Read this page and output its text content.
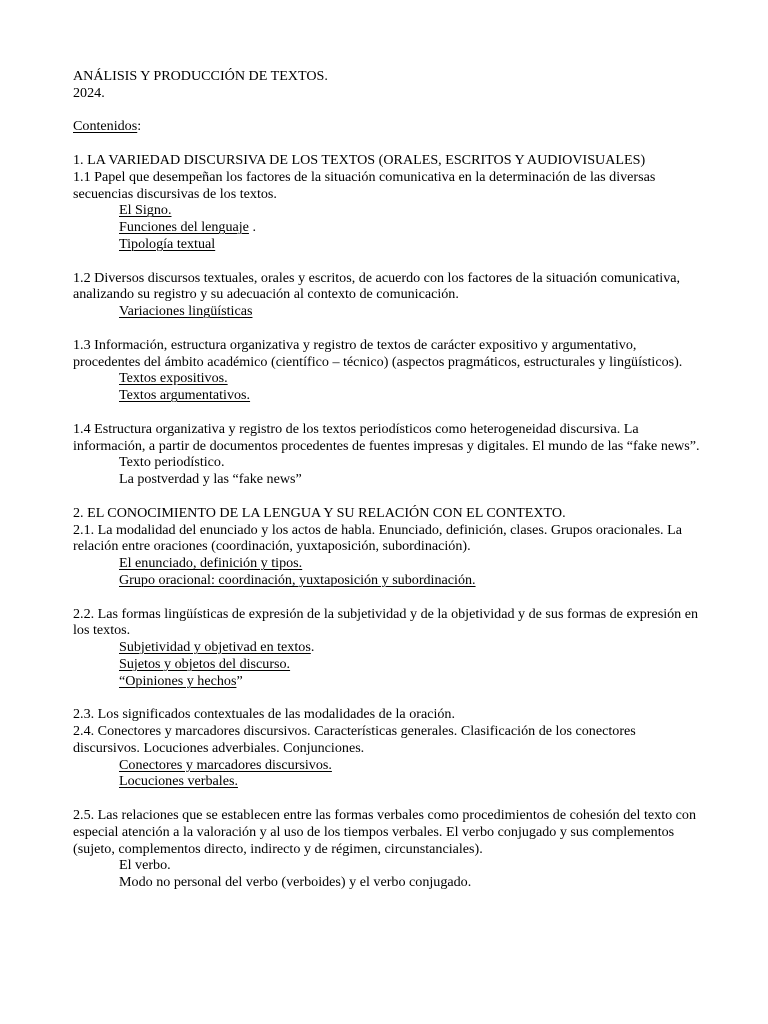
ANÁLISIS Y PRODUCCIÓN DE TEXTOS.
2024.
Contenidos:
1. LA VARIEDAD DISCURSIVA DE LOS TEXTOS (ORALES, ESCRITOS Y AUDIOVISUALES)
1.1 Papel que desempeñan los factores de la situación comunicativa en la determinación de las diversas secuencias discursivas de los textos.
El Signo.
Funciones del lenguaje .
Tipología textual
1.2 Diversos discursos textuales, orales y escritos, de acuerdo con los factores de la situación comunicativa, analizando su registro y su adecuación al contexto de comunicación.
Variaciones lingüísticas
1.3 Información, estructura organizativa y registro de textos de carácter expositivo y argumentativo, procedentes del ámbito académico (científico – técnico) (aspectos pragmáticos, estructurales y lingüísticos).
Textos expositivos.
Textos argumentativos.
1.4 Estructura organizativa y registro de los textos periodísticos como heterogeneidad discursiva. La información, a partir de documentos procedentes de fuentes impresas y digitales. El mundo de las “fake news”.
Texto periodístico.
La postverdad y las “fake news”
2. EL CONOCIMIENTO DE LA LENGUA Y SU RELACIÓN CON EL CONTEXTO.
2.1. La modalidad del enunciado y los actos de habla. Enunciado, definición, clases. Grupos oracionales. La relación entre oraciones (coordinación, yuxtaposición, subordinación).
El enunciado, definición y tipos.
Grupo oracional: coordinación, yuxtaposición y subordinación.
2.2. Las formas lingüísticas de expresión de la subjetividad y de la objetividad y de sus formas de expresión en los textos.
Subjetividad y objetivad en textos.
Sujetos y objetos del discurso.
“Opiniones y hechos”
2.3. Los significados contextuales de las modalidades de la oración.
2.4. Conectores y marcadores discursivos. Características generales. Clasificación de los conectores discursivos. Locuciones adverbiales. Conjunciones.
Conectores y marcadores discursivos.
Locuciones verbales.
2.5. Las relaciones que se establecen entre las formas verbales como procedimientos de cohesión del texto con especial atención a la valoración y al uso de los tiempos verbales. El verbo conjugado y sus complementos (sujeto, complementos directo, indirecto y de régimen, circunstanciales).
El verbo.
Modo no personal del verbo (verboides) y el verbo conjugado.
